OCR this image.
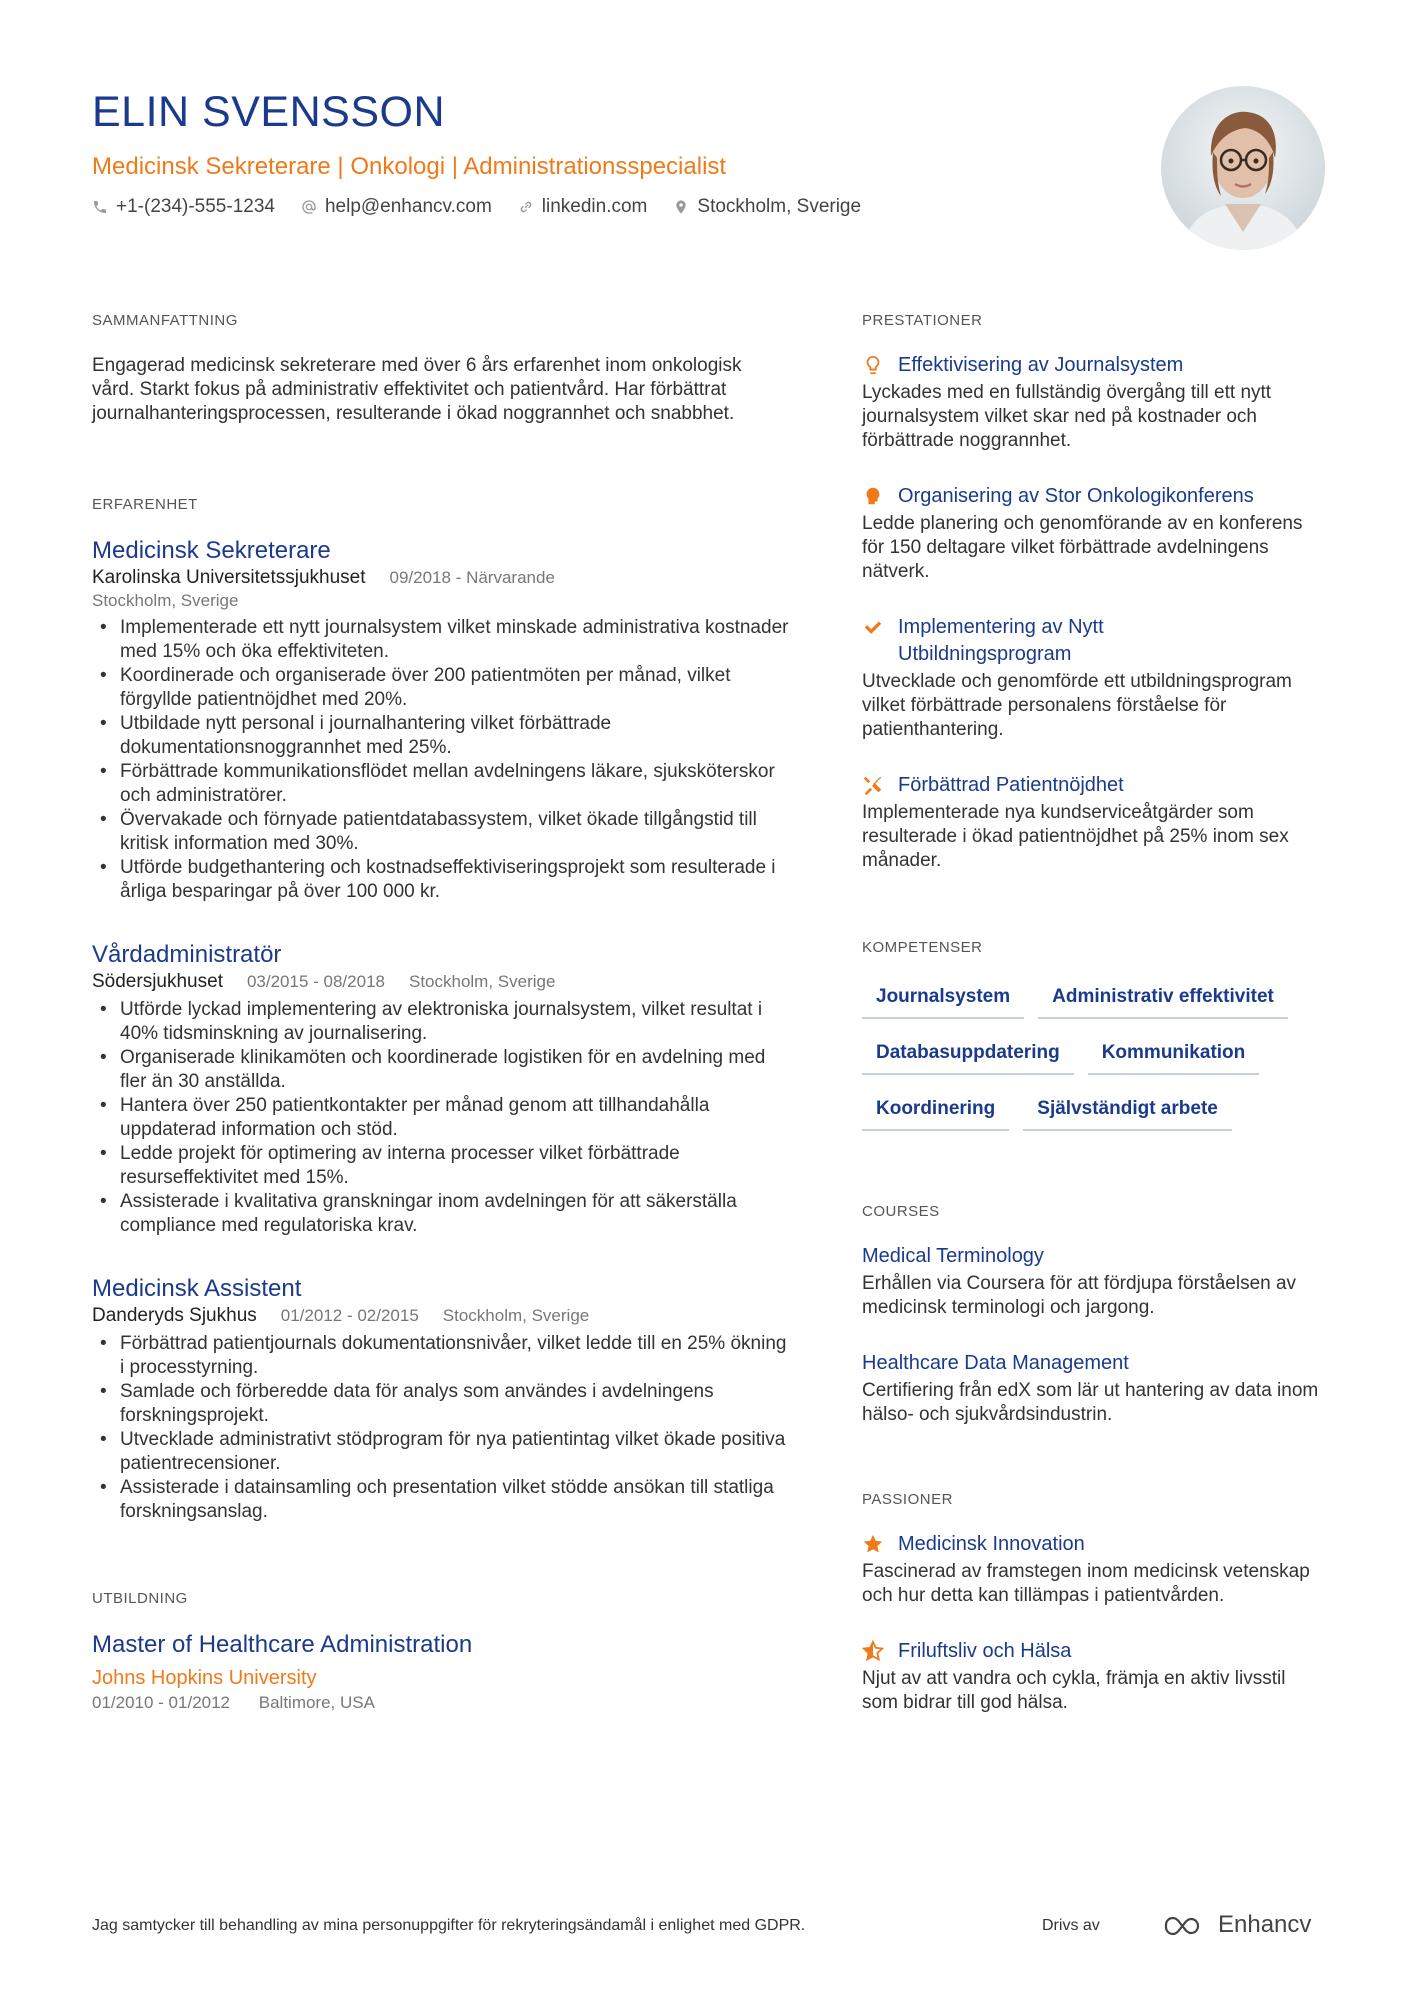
ELIN SVENSSON
Medicinsk Sekreterare | Onkologi | Administrationsspecialist
+1-(234)-555-1234	help@enhancv.com	linkedin.com	Stockholm, Sverige
SAMMANFATTNING
Engagerad medicinsk sekreterare med över 6 års erfarenhet inom onkologisk vård. Starkt fokus på administrativ effektivitet och patientvård. Har förbättrat journalhanteringsprocessen, resulterande i ökad noggrannhet och snabbhet.
ERFARENHET
Medicinsk Sekreterare
Karolinska Universitetssjukhuset 09/2018 - Närvarande
Stockholm, Sverige
• Implementerade ett nytt journalsystem vilket minskade administrativa kostnader med 15% och öka effektiviteten.
• Koordinerade och organiserade över 200 patientmöten per månad, vilket förgyllde patientnöjdhet med 20%.
• Utbildade nytt personal i journalhantering vilket förbättrade dokumentationsnoggrannhet med 25%.
• Förbättrade kommunikationsflödet mellan avdelningens läkare, sjuksköterskor och administratörer.
• Övervakade och förnyade patientdatabassystem, vilket ökade tillgångstid till kritisk information med 30%.
• Utförde budgethantering och kostnadseffektiviseringsprojekt som resulterade i årliga besparingar på över 100 000 kr.
Vårdadministratör
Södersjukhuset 03/2015 - 08/2018 Stockholm, Sverige
• Utförde lyckad implementering av elektroniska journalsystem, vilket resultat i 40% tidsminskning av journalisering.
• Organiserade klinikamöten och koordinerade logistiken för en avdelning med fler än 30 anställda.
• Hantera över 250 patientkontakter per månad genom att tillhandahålla uppdaterad information och stöd.
• Ledde projekt för optimering av interna processer vilket förbättrade resurseffektivitet med 15%.
• Assisterade i kvalitativa granskningar inom avdelningen för att säkerställa compliance med regulatoriska krav.
Medicinsk Assistent
Danderyds Sjukhus 01/2012 - 02/2015 Stockholm, Sverige
• Förbättrad patientjournals dokumentationsnivåer, vilket ledde till en 25% ökning i processtyrning.
• Samlade och förberedde data för analys som användes i avdelningens forskningsprojekt.
• Utvecklade administrativt stödprogram för nya patientintag vilket ökade positiva patientrecensioner.
• Assisterade i datainsamling och presentation vilket stödde ansökan till statliga forskningsanslag.
UTBILDNING
Master of Healthcare Administration
Johns Hopkins University
01/2010 - 01/2012 Baltimore, USA
PRESTATIONER
Effektivisering av Journalsystem
Lyckades med en fullständig övergång till ett nytt journalsystem vilket skar ned på kostnader och förbättrade noggrannhet.
Organisering av Stor Onkologikonferens
Ledde planering och genomförande av en konferens för 150 deltagare vilket förbättrade avdelningens nätverk.
Implementering av Nytt Utbildningsprogram
Utvecklade och genomförde ett utbildningsprogram vilket förbättrade personalens förståelse för patienthantering.
Förbättrad Patientnöjdhet
Implementerade nya kundserviceåtgärder som resulterade i ökad patientnöjdhet på 25% inom sex månader.
KOMPETENSER
Journalsystem	Administrativ effektivitet
Databasuppdatering	Kommunikation
Koordinering	Självständigt arbete
COURSES
Medical Terminology
Erhållen via Coursera för att fördjupa förståelsen av medicinsk terminologi och jargong.
Healthcare Data Management
Certifiering från edX som lär ut hantering av data inom hälso- och sjukvårdsindustrin.
PASSIONER
Medicinsk Innovation
Fascinerad av framstegen inom medicinsk vetenskap och hur detta kan tillämpas i patientvården.
Friluftsliv och Hälsa
Njut av att vandra och cykla, främja en aktiv livsstil som bidrar till god hälsa.
Jag samtycker till behandling av mina personuppgifter för rekryteringsändamål i enlighet med GDPR.	Drivs av	Enhancv
